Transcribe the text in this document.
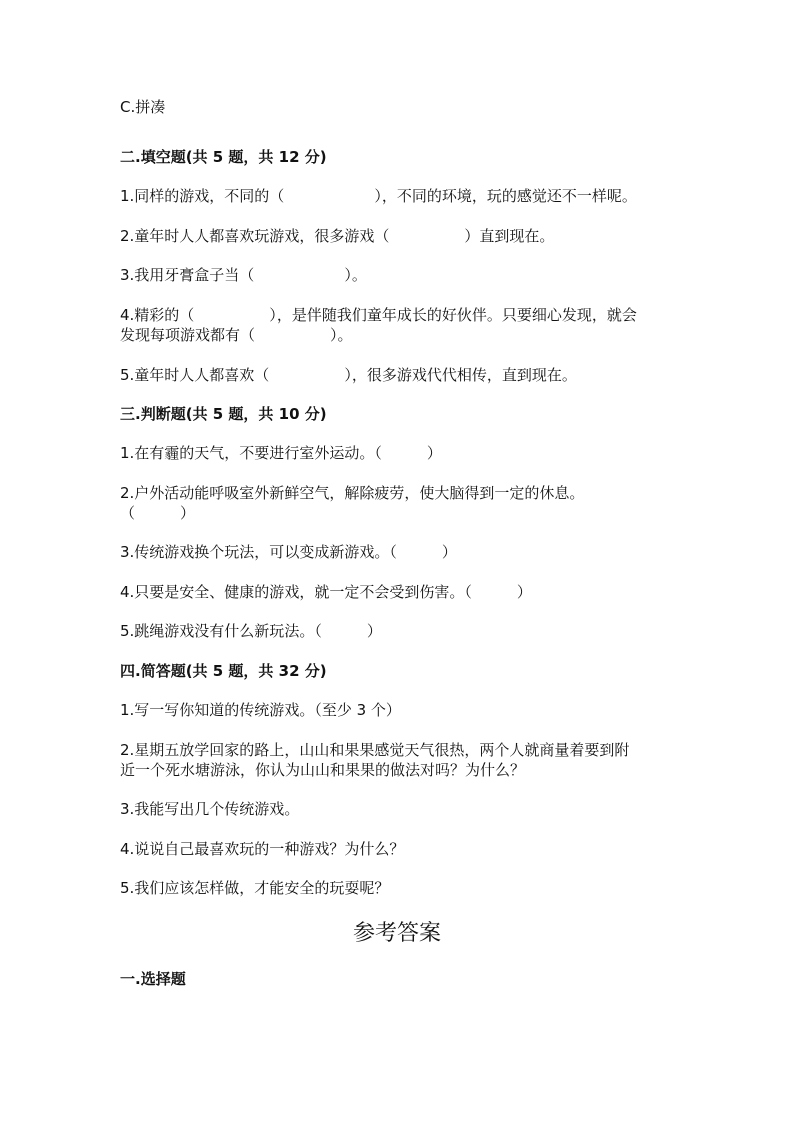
C.拼凑
二.填空题(共 5 题，共 12 分)
1.同样的游戏，不同的（　　　　　　），不同的环境，玩的感觉还不一样呢。
2.童年时人人都喜欢玩游戏，很多游戏（　　　　　）直到现在。
3.我用牙膏盒子当（　　　　　　）。
4.精彩的（　　　　　），是伴随我们童年成长的好伙伴。只要细心发现，就会
发现每项游戏都有（　　　　　）。
5.童年时人人都喜欢（　　　　　），很多游戏代代相传，直到现在。
三.判断题(共 5 题，共 10 分)
1.在有霾的天气，不要进行室外运动。（　　　）
2.户外活动能呼吸室外新鲜空气，解除疲劳，使大脑得到一定的休息。
（　　　）
3.传统游戏换个玩法，可以变成新游戏。（　　　）
4.只要是安全、健康的游戏，就一定不会受到伤害。（　　　）
5.跳绳游戏没有什么新玩法。（　　　）
四.简答题(共 5 题，共 32 分)
1.写一写你知道的传统游戏。（至少 3 个）
2.星期五放学回家的路上，山山和果果感觉天气很热，两个人就商量着要到附
近一个死水塘游泳，你认为山山和果果的做法对吗？为什么？
3.我能写出几个传统游戏。
4.说说自己最喜欢玩的一种游戏？为什么？
5.我们应该怎样做，才能安全的玩耍呢？
参考答案
一.选择题
